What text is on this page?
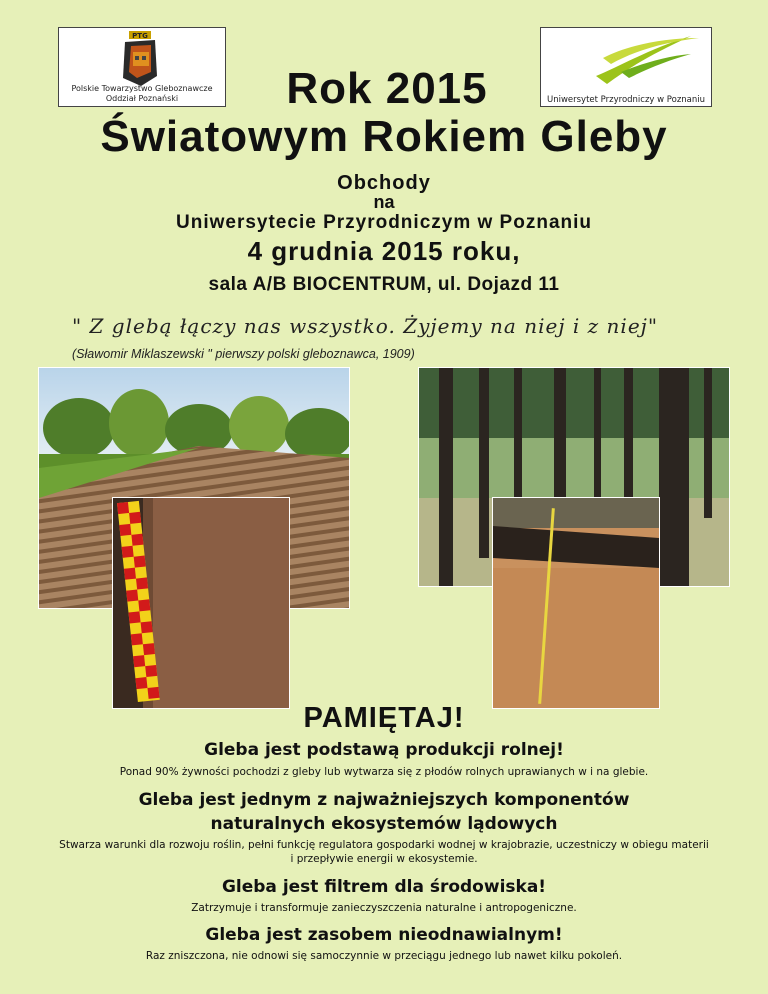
PTG
Polskie Towarzystwo Gleboznawcze
Oddział Poznański	Uniwersytet Przyrodniczy w Poznaniu
Rok 2015
Światowym Rokiem Gleby
Obchody
na
Uniwersytecie Przyrodniczym w Poznaniu
4 grudnia 2015 roku,
sala A/B BIOCENTRUM, ul. Dojazd 11
" Z glebą łączy nas wszystko. Żyjemy na niej i z niej"
(Sławomir Miklaszewski " pierwszy polski gleboznawca, 1909)
PAMIĘTAJ!
Gleba jest podstawą produkcji rolnej!
Ponad 90% żywności pochodzi z gleby lub wytwarza się z płodów rolnych uprawianych w i na glebie.
Gleba jest jednym z najważniejszych komponentów
naturalnych ekosystemów lądowych
Stwarza warunki dla rozwoju roślin, pełni funkcję regulatora gospodarki wodnej w krajobrazie, uczestniczy w obiegu materii
i przepływie energii w ekosystemie.
Gleba jest filtrem dla środowiska!
Zatrzymuje i transformuje zanieczyszczenia naturalne i antropogeniczne.
Gleba jest zasobem nieodnawialnym!
Raz zniszczona, nie odnowi się samoczynnie w przeciągu jednego lub nawet kilku pokoleń.
